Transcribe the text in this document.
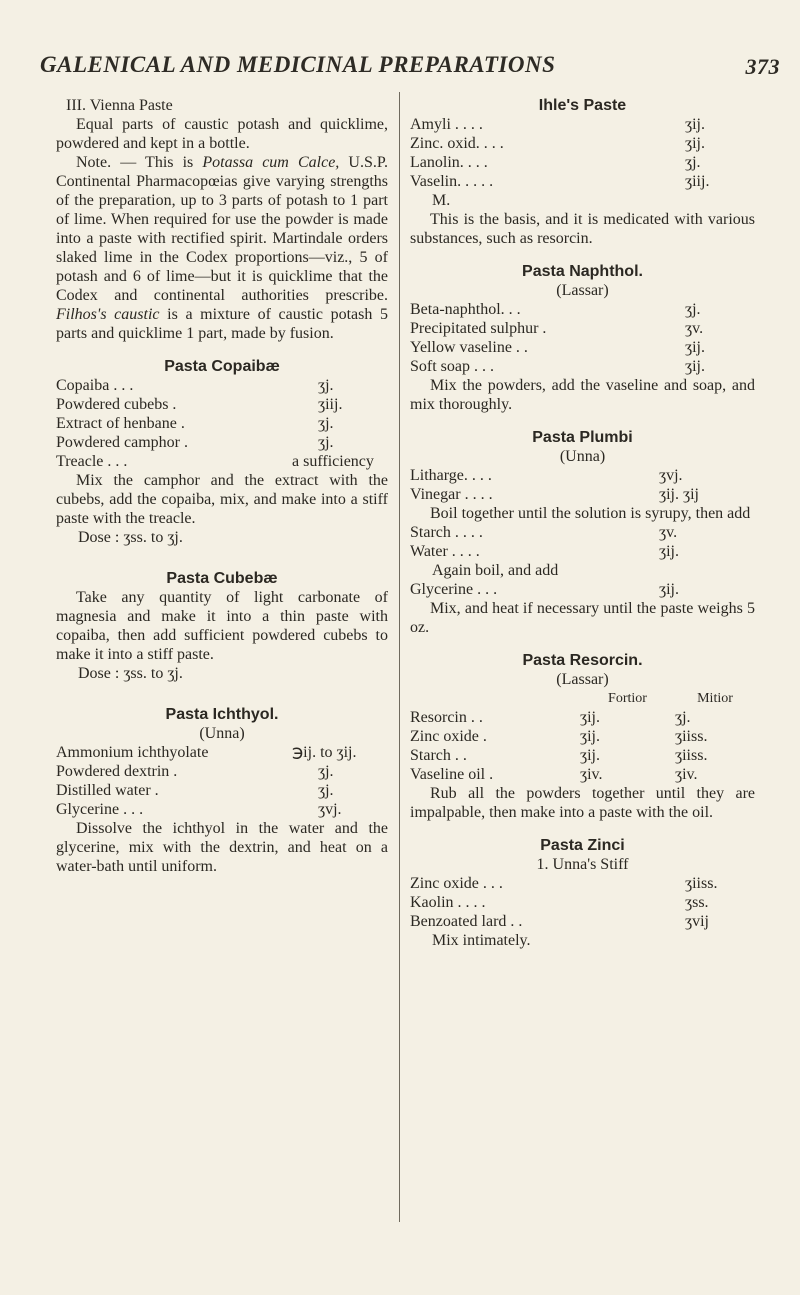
GALENICAL AND MEDICINAL PREPARATIONS	373
III. Vienna Paste
Equal parts of caustic potash and quicklime, powdered and kept in a bottle.
Note. — This is Potassa cum Calce, U.S.P. Continental Pharmacopœias give varying strengths of the preparation, up to 3 parts of potash to 1 part of lime. When required for use the powder is made into a paste with rectified spirit. Martindale orders slaked lime in the Codex proportions—viz., 5 of potash and 6 of lime—but it is quicklime that the Codex and continental authorities prescribe. Filhos's caustic is a mixture of caustic potash 5 parts and quicklime 1 part, made by fusion.
Pasta Copaibæ
Copaiba . . .	ʒj.
Powdered cubebs .	ʒiij.
Extract of henbane .	ʒj.
Powdered camphor .	ʒj.
Treacle . . .	a sufficiency
Mix the camphor and the extract with the cubebs, add the copaiba, mix, and make into a stiff paste with the treacle.
Dose : ʒss. to ʒj.
Pasta Cubebæ
Take any quantity of light carbonate of magnesia and make it into a thin paste with copaiba, then add sufficient powdered cubebs to make it into a stiff paste.
Dose : ʒss. to ʒj.
Pasta Ichthyol.
(Unna)
Ammonium ichthyolate	℈ij. to ʒij.
Powdered dextrin .	ʒj.
Distilled water .	ʒj.
Glycerine . . .	ʒvj.
Dissolve the ichthyol in the water and the glycerine, mix with the dextrin, and heat on a water-bath until uniform.
Ihle's Paste
Amyli . . . .	ʒij.
Zinc. oxid. . . .	ʒij.
Lanolin. . . .	ʒj.
Vaselin. . . . .	ʒiij.
M.
This is the basis, and it is medicated with various substances, such as resorcin.
Pasta Naphthol.
(Lassar)
Beta-naphthol. . .	ʒj.
Precipitated sulphur .	ʒv.
Yellow vaseline . .	ʒij.
Soft soap . . .	ʒij.
Mix the powders, add the vaseline and soap, and mix thoroughly.
Pasta Plumbi
(Unna)
Litharge. . . .	ʒvj.
Vinegar . . . .	ʒij. ʒij
Boil together until the solution is syrupy, then add
Starch . . . .	ʒv.
Water . . . .	ʒij.
Again boil, and add
Glycerine . . .	ʒij.
Mix, and heat if necessary until the paste weighs 5 oz.
Pasta Resorcin.
(Lassar)
Fortior	Mitior
Resorcin . .	ʒij.	ʒj.
Zinc oxide .	ʒij.	ʒiiss.
Starch . .	ʒij.	ʒiiss.
Vaseline oil .	ʒiv.	ʒiv.
Rub all the powders together until they are impalpable, then make into a paste with the oil.
Pasta Zinci
1. Unna's Stiff
Zinc oxide . . .	ʒiiss.
Kaolin . . . .	ʒss.
Benzoated lard . .	ʒvij
Mix intimately.
